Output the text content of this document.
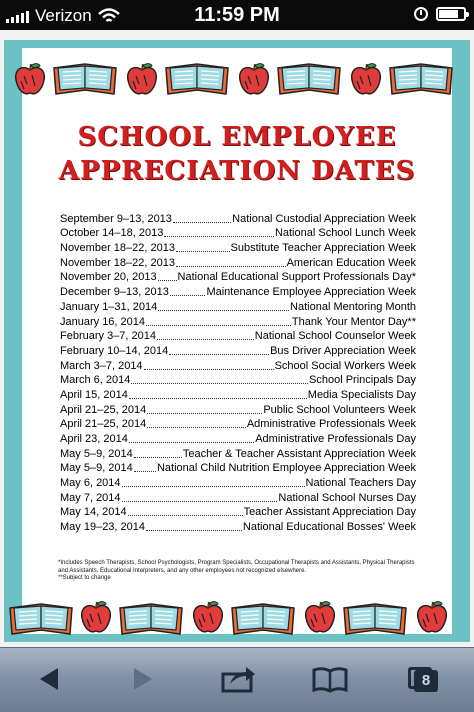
Verizon	11:59 PM
SCHOOL EMPLOYEE
APPRECIATION DATES
September 9–13, 2013	National Custodial Appreciation Week
October 14–18, 2013	National School Lunch Week
November 18–22, 2013	Substitute Teacher Appreciation Week
November 18–22, 2013	American Education Week
November 20, 2013 National Educational Support Professionals Day*
December 9–13, 2013	Maintenance Employee Appreciation Week
January 1–31, 2014	National Mentoring Month
January 16, 2014	Thank Your Mentor Day**
February 3–7, 2014	National School Counselor Week
February 10–14, 2014	Bus Driver Appreciation Week
March 3–7, 2014	School Social Workers Week
March 6, 2014	School Principals Day
April 15, 2014	Media Specialists Day
April 21–25, 2014	Public School Volunteers Week
April 21–25, 2014	Administrative Professionals Week
April 23, 2014	Administrative Professionals Day
May 5–9, 2014	Teacher & Teacher Assistant Appreciation Week
May 5–9, 2014 National Child Nutrition Employee Appreciation Week
May 6, 2014	National Teachers Day
May 7, 2014	National School Nurses Day
May 14, 2014	Teacher Assistant Appreciation Day
May 19–23, 2014	National Educational Bosses' Week
*Includes Speech Therapists, School Psychologists, Program Specialists, Occupational Therapists and Assistants, Physical Therapists and Assistants, Educational Interpreters, and any other employees not recognized elsewhere.
**Subject to change
8
